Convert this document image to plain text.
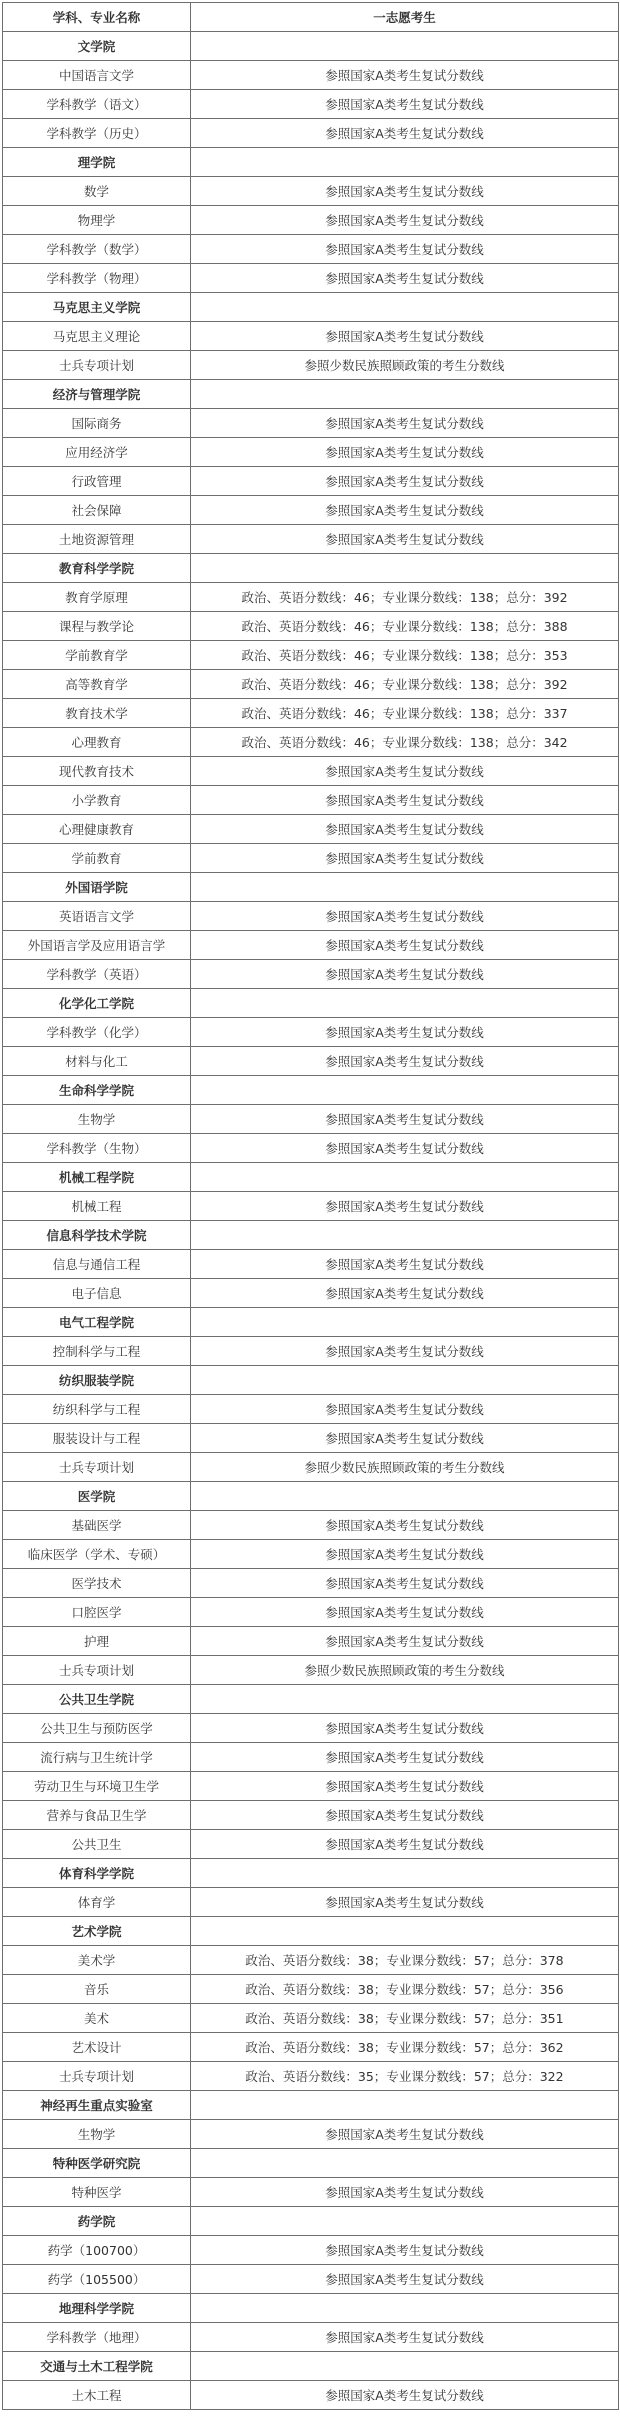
学科、专业名称	一志愿考生
文学院	
中国语言文学	参照国家A类考生复试分数线
学科教学（语文）	参照国家A类考生复试分数线
学科教学（历史）	参照国家A类考生复试分数线
理学院	
数学	参照国家A类考生复试分数线
物理学	参照国家A类考生复试分数线
学科教学（数学）	参照国家A类考生复试分数线
学科教学（物理）	参照国家A类考生复试分数线
马克思主义学院	
马克思主义理论	参照国家A类考生复试分数线
士兵专项计划	参照少数民族照顾政策的考生分数线
经济与管理学院	
国际商务	参照国家A类考生复试分数线
应用经济学	参照国家A类考生复试分数线
行政管理	参照国家A类考生复试分数线
社会保障	参照国家A类考生复试分数线
土地资源管理	参照国家A类考生复试分数线
教育科学学院	
教育学原理	政治、英语分数线：46；专业课分数线：138；总分：392
课程与教学论	政治、英语分数线：46；专业课分数线：138；总分：388
学前教育学	政治、英语分数线：46；专业课分数线：138；总分：353
高等教育学	政治、英语分数线：46；专业课分数线：138；总分：392
教育技术学	政治、英语分数线：46；专业课分数线：138；总分：337
心理教育	政治、英语分数线：46；专业课分数线：138；总分：342
现代教育技术	参照国家A类考生复试分数线
小学教育	参照国家A类考生复试分数线
心理健康教育	参照国家A类考生复试分数线
学前教育	参照国家A类考生复试分数线
外国语学院	
英语语言文学	参照国家A类考生复试分数线
外国语言学及应用语言学	参照国家A类考生复试分数线
学科教学（英语）	参照国家A类考生复试分数线
化学化工学院	
学科教学（化学）	参照国家A类考生复试分数线
材料与化工	参照国家A类考生复试分数线
生命科学学院	
生物学	参照国家A类考生复试分数线
学科教学（生物）	参照国家A类考生复试分数线
机械工程学院	
机械工程	参照国家A类考生复试分数线
信息科学技术学院	
信息与通信工程	参照国家A类考生复试分数线
电子信息	参照国家A类考生复试分数线
电气工程学院	
控制科学与工程	参照国家A类考生复试分数线
纺织服装学院	
纺织科学与工程	参照国家A类考生复试分数线
服装设计与工程	参照国家A类考生复试分数线
士兵专项计划	参照少数民族照顾政策的考生分数线
医学院	
基础医学	参照国家A类考生复试分数线
临床医学（学术、专硕）	参照国家A类考生复试分数线
医学技术	参照国家A类考生复试分数线
口腔医学	参照国家A类考生复试分数线
护理	参照国家A类考生复试分数线
士兵专项计划	参照少数民族照顾政策的考生分数线
公共卫生学院	
公共卫生与预防医学	参照国家A类考生复试分数线
流行病与卫生统计学	参照国家A类考生复试分数线
劳动卫生与环境卫生学	参照国家A类考生复试分数线
营养与食品卫生学	参照国家A类考生复试分数线
公共卫生	参照国家A类考生复试分数线
体育科学学院	
体育学	参照国家A类考生复试分数线
艺术学院	
美术学	政治、英语分数线：38；专业课分数线：57；总分：378
音乐	政治、英语分数线：38；专业课分数线：57；总分：356
美术	政治、英语分数线：38；专业课分数线：57；总分：351
艺术设计	政治、英语分数线：38；专业课分数线：57；总分：362
士兵专项计划	政治、英语分数线：35；专业课分数线：57；总分：322
神经再生重点实验室	
生物学	参照国家A类考生复试分数线
特种医学研究院	
特种医学	参照国家A类考生复试分数线
药学院	
药学（100700）	参照国家A类考生复试分数线
药学（105500）	参照国家A类考生复试分数线
地理科学学院	
学科教学（地理）	参照国家A类考生复试分数线
交通与土木工程学院	
土木工程	参照国家A类考生复试分数线
